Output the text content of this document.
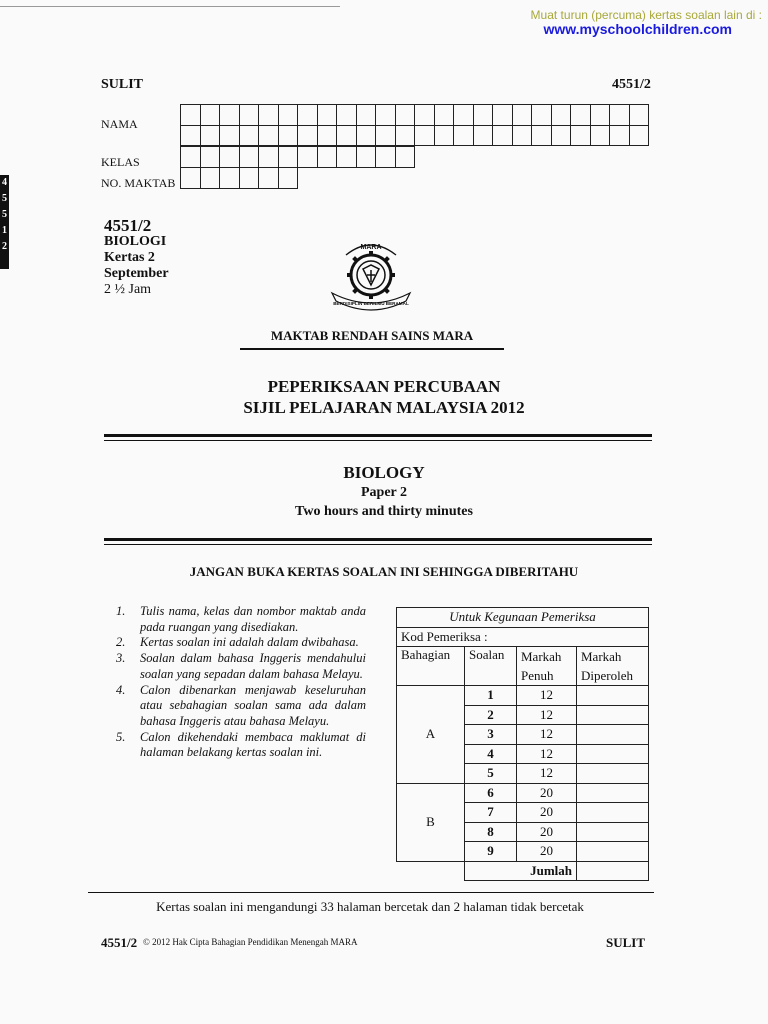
Muat turun (percuma) kertas soalan lain di :
www.myschoolchildren.com
SULIT	4551/2
NAMA
KELAS
NO. MAKTAB

4
5
5
1
2
4551/2
BIOLOGI
Kertas 2
September
2 ½ Jam
MARA
BERDISIPLIN BERILMU BERAMAL
MAKTAB RENDAH SAINS MARA
PEPERIKSAAN PERCUBAAN
SIJIL PELAJARAN MALAYSIA 2012
BIOLOGY
Paper 2
Two hours and thirty minutes
JANGAN BUKA KERTAS SOALAN INI SEHINGGA DIBERITAHU
1.	Tulis nama, kelas dan nombor maktab anda pada ruangan yang disediakan.
2.	Kertas soalan ini adalah dalam dwibahasa.
3.	Soalan dalam bahasa Inggeris mendahului soalan yang sepadan dalam bahasa Melayu.
4.	Calon dibenarkan menjawab keseluruhan atau sebahagian soalan sama ada dalam bahasa Inggeris atau bahasa Melayu.
5.	Calon dikehendaki membaca maklumat di halaman belakang kertas soalan ini.
Untuk Kegunaan Pemeriksa			
Kod Pemeriksa :			
Bahagian	Soalan	Markah Penuh	Markah Diperoleh
A	1	12	
	2	12	
	3	12	
	4	12	
	5	12	
B	6	20	
	7	20	
	8	20	
	9	20	
	Jumlah		
Kertas soalan ini mengandungi 33 halaman bercetak dan 2 halaman tidak bercetak
4551/2 © 2012 Hak Cipta Bahagian Pendidikan Menengah MARA	SULIT
